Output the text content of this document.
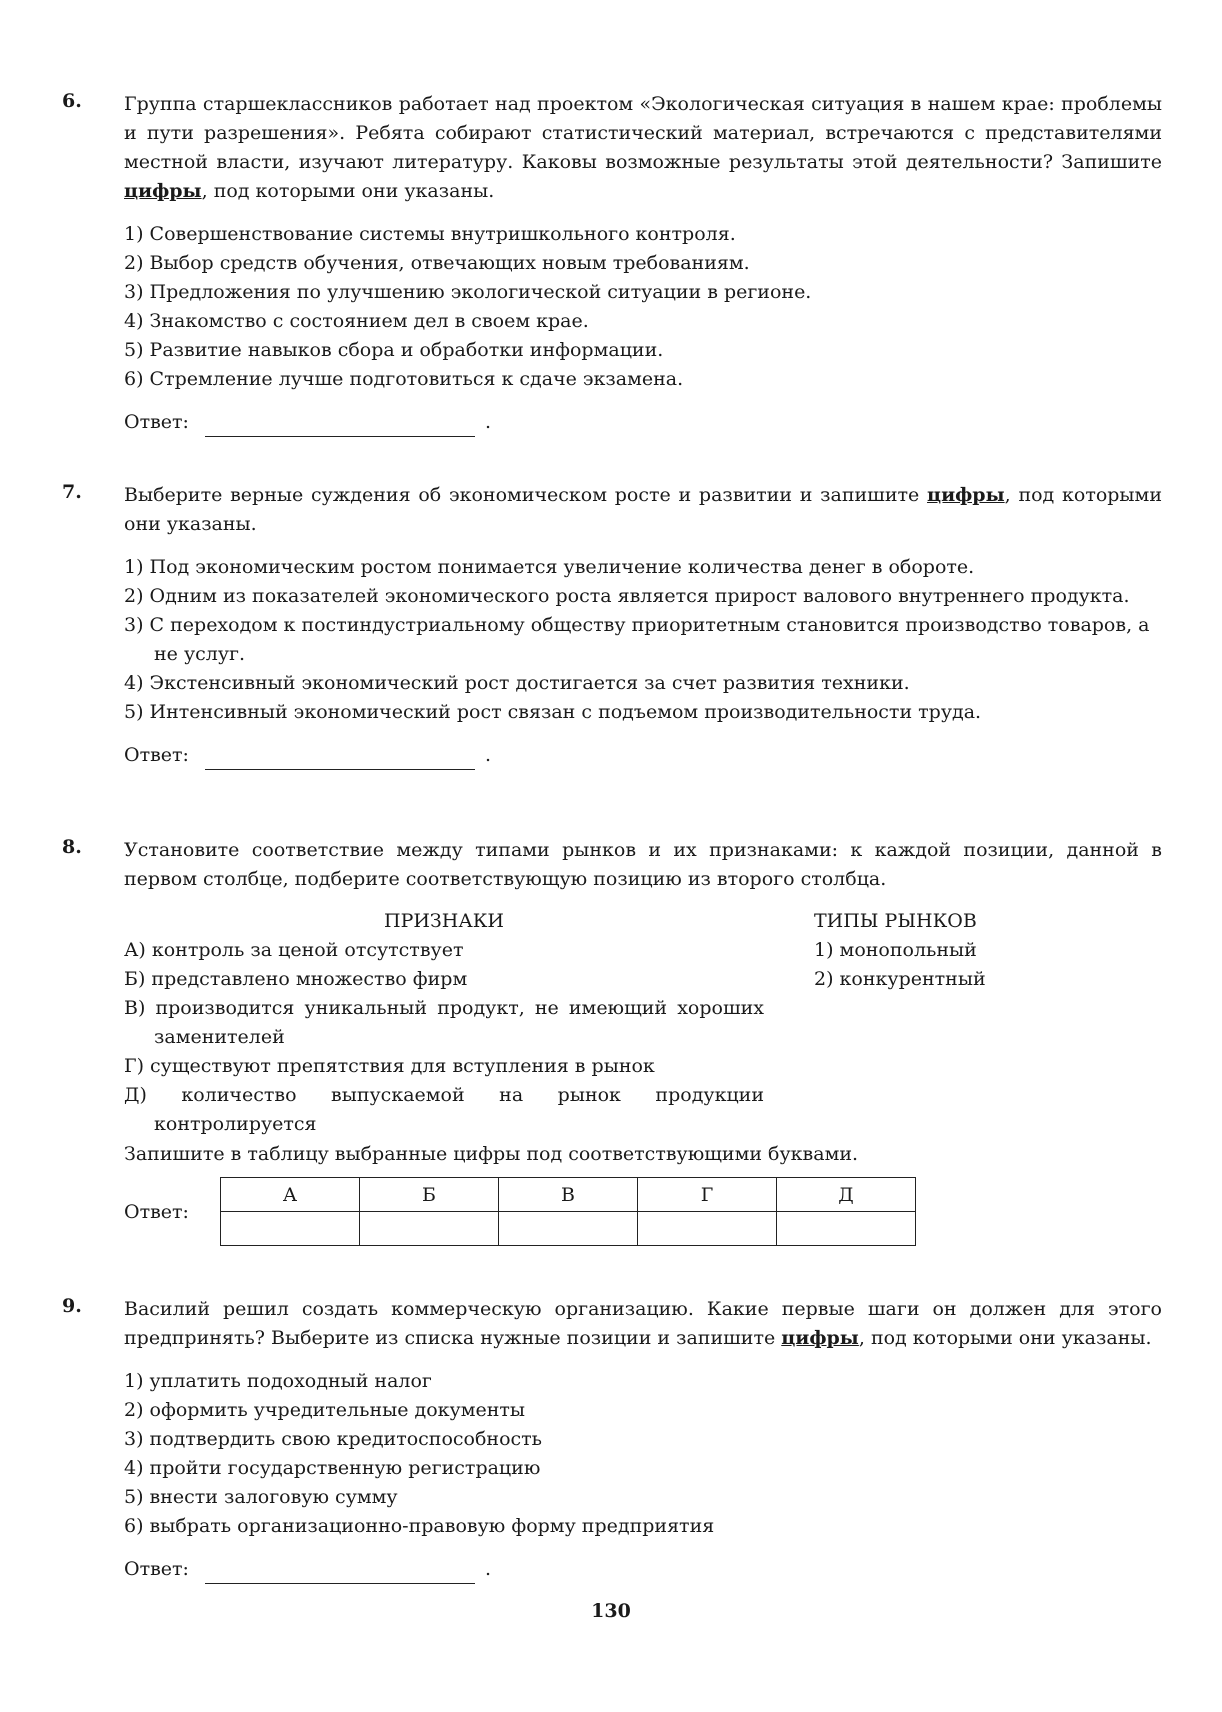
6. Группа старшеклассников работает над проектом «Экологическая ситуация в нашем крае: проблемы и пути разрешения». Ребята собирают статистический материал, встречаются с представителями местной власти, изучают литературу. Каковы возможные результаты этой деятельности? Запишите цифры, под которыми они указаны.

1) Совершенствование системы внутришкольного контроля.
2) Выбор средств обучения, отвечающих новым требованиям.
3) Предложения по улучшению экологической ситуации в регионе.
4) Знакомство с состоянием дел в своем крае.
5) Развитие навыков сбора и обработки информации.
6) Стремление лучше подготовиться к сдаче экзамена.
Ответ:	.
7. Выберите верные суждения об экономическом росте и развитии и запишите цифры, под которыми они указаны.

1) Под экономическим ростом понимается увеличение количества денег в обороте.
2) Одним из показателей экономического роста является прирост валового внутреннего продукта.
3) С переходом к постиндустриальному обществу приоритетным становится производство товаров, а не услуг.
4) Экстенсивный экономический рост достигается за счет развития техники.
5) Интенсивный экономический рост связан с подъемом производительности труда.
Ответ:	.
8. Установите соответствие между типами рынков и их признаками: к каждой позиции, данной в первом столбце, подберите соответствующую позицию из второго столбца.

ПРИЗНАКИ
А) контроль за ценой отсутствует
Б) представлено множество фирм
В) производится уникальный продукт, не имеющий хороших заменителей
Г) существуют препятствия для вступления в рынок
Д) количество выпускаемой на рынок продукции контролируется
ТИПЫ РЫНКОВ
1) монопольный
2) конкурентный

Запишите в таблицу выбранные цифры под соответствующими буквами.

Ответ:
А	Б	В	Г	Д

9. Василий решил создать коммерческую организацию. Какие первые шаги он должен для этого предпринять? Выберите из списка нужные позиции и запишите цифры, под которыми они указаны.

1) уплатить подоходный налог
2) оформить учредительные документы
3) подтвердить свою кредитоспособность
4) пройти государственную регистрацию
5) внести залоговую сумму
6) выбрать организационно-правовую форму предприятия
Ответ:	.
130
